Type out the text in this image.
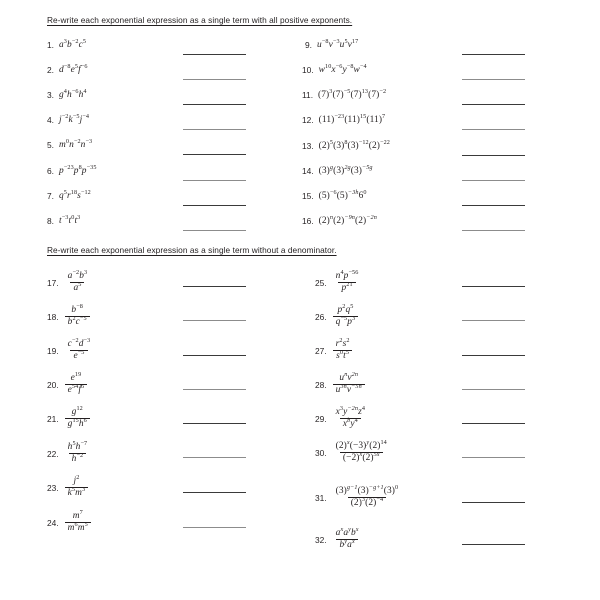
Re-write each exponential expression as a single term with all positive exponents.
1. $a^3b^{-2}c^5$
2. $d^{-8}e^5f^{-6}$
3. $g^4h^{-6}h^4$
4. $j^{-2}k^{-5}j^{-4}$
5. $m^0n^{-2}n^{-3}$
6. $p^{-23}p^8p^{-35}$
7. $q^5r^{18}s^{-12}$
8. $t^{-3}t^0t^3$
9. $u^{-8}v^{-3}u^5v^{17}$
10. $w^{10}x^{-6}y^{-8}w^{-4}$
11. $(7)^3(7)^{-5}(7)^{13}(7)^{-2}$
12. $(11)^{-23}(11)^{15}(11)^7$
13. $(2)^5(3)^8(3)^{-12}(2)^{-22}$
14. $(3)^g(3)^{2g}(3)^{-5g}$
15. $(5)^{-6}(5)^{-3h}6^0$
16. $(2)^n(2)^{-9n}(2)^{-2n}$
Re-write each exponential expression as a single term without a denominator.
17. $\frac{a^{-2}b^3}{a^5}$
18. $\frac{b^{-8}}{b^2c^{-5}}$
19. $\frac{c^{-2}d^{-3}}{e^{-5}}$
20. $\frac{e^{19}}{e^{54}f^6}$
21. $\frac{g^{12}}{g^{15}h^6}$
22. $\frac{h^5h^{-7}}{h^{-2}}$
23. $\frac{j^2}{k^5m^3}$
24. $\frac{m^7}{m^6m^5}$
25. $\frac{n^4p^{-56}}{p^{21}}$
26. $\frac{p^2q^5}{q^{-5}p^3}$
27. $\frac{r^2s^2}{s^0t^5}$
28. $\frac{u^nv^{2n}}{u^{3n}v^{-5n}}$
29. $\frac{x^3y^{-2n}z^4}{x^by^4}$
30. $\frac{(2)^x(-3)^y(2)^{14}}{(-2)^x(2)^{5x}}$
31. $\frac{(3)^{g-1}(3)^{-g+1}(3)^0}{(2)^3(2)^{-4}}$
32. $\frac{a^xa^yb^x}{b^ya^x}$
